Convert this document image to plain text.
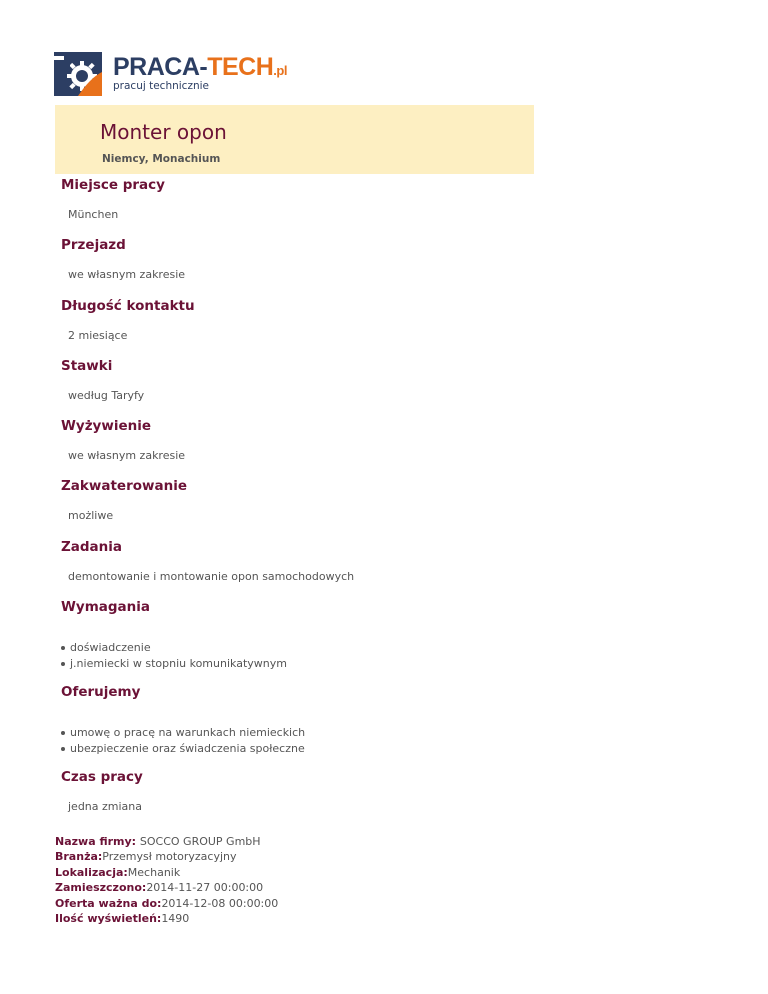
PRACA-TECH.pl
pracuj technicznie
Monter opon
Niemcy, Monachium
Miejsce pracy
München
Przejazd
we własnym zakresie
Długość kontaktu
2 miesiące
Stawki
według Taryfy
Wyżywienie
we własnym zakresie
Zakwaterowanie
możliwe
Zadania
demontowanie i montowanie opon samochodowych
Wymagania
doświadczenie
j.niemiecki w stopniu komunikatywnym
Oferujemy
umowę o pracę na warunkach niemieckich
ubezpieczenie oraz świadczenia społeczne
Czas pracy
jedna zmiana
Nazwa firmy: SOCCO GROUP GmbH
Branża:Przemysł motoryzacyjny
Lokalizacja:Mechanik
Zamieszczono:2014-11-27 00:00:00
Oferta ważna do:2014-12-08 00:00:00
Ilość wyświetleń:1490
